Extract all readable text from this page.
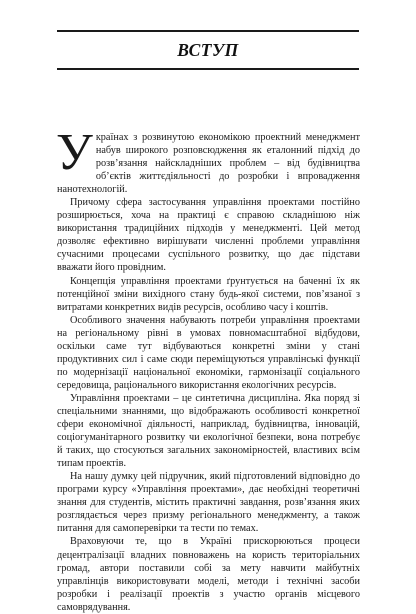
ВСТУП

Українах з розвинутою економікою проектний менеджмент набув широкого розповсюдження як еталонний підхід до розв’язання найскладніших проблем – від будівництва об’єктів життєдіяльності до розробки і впровадження нанотехнологій.

Причому сфера застосування управління проектами постійно розширюється, хоча на практиці є справою складнішою ніж використання традиційних підходів у менеджменті. Цей метод дозволяє ефективно вирішувати численні проблеми управління сучасними процесами суспільного розвитку, що дає підстави вважати його провідним.

Концепція управління проектами ґрунтується на баченні їх як потенційної зміни вихідного стану будь-якої системи, пов’язаної з витратами конкретних видів ресурсів, особливо часу і коштів.

Особливого значення набувають потреби управління проектами на регіональному рівні в умовах повномасштабної відбудови, оскільки саме тут відбуваються конкретні зміни у стані продуктивних сил і саме сюди переміщуються управлінські функції по модернізації національної економіки, гармонізації соціального середовища, раціонального використання екологічних ресурсів.

Управління проектами – це синтетична дисципліна. Яка поряд зі спеціальними знаннями, що відображають особливості конкретної сфери економічної діяльності, наприклад, будівництва, інновацій, соціогуманітарного розвитку чи екологічної безпеки, вона потребує й таких, що стосуються загальних закономірностей, властивих всім типам проектів.

На нашу думку цей підручник, який підготовлений відповідно до програми курсу «Управління проектами», дає необхідні теоретичні знання для студентів, містить практичні завдання, розв’язання яких розглядається через призму регіонального менеджменту, а також питання для самоперевірки та тести по темах.

Враховуючи те, що в Україні прискорюються процеси децентралізації владних повноважень на користь територіальних громад, автори поставили собі за мету навчити майбутніх управлінців використовувати моделі, методи і технічні засоби розробки і реалізації проектів з участю органів місцевого самоврядування.
